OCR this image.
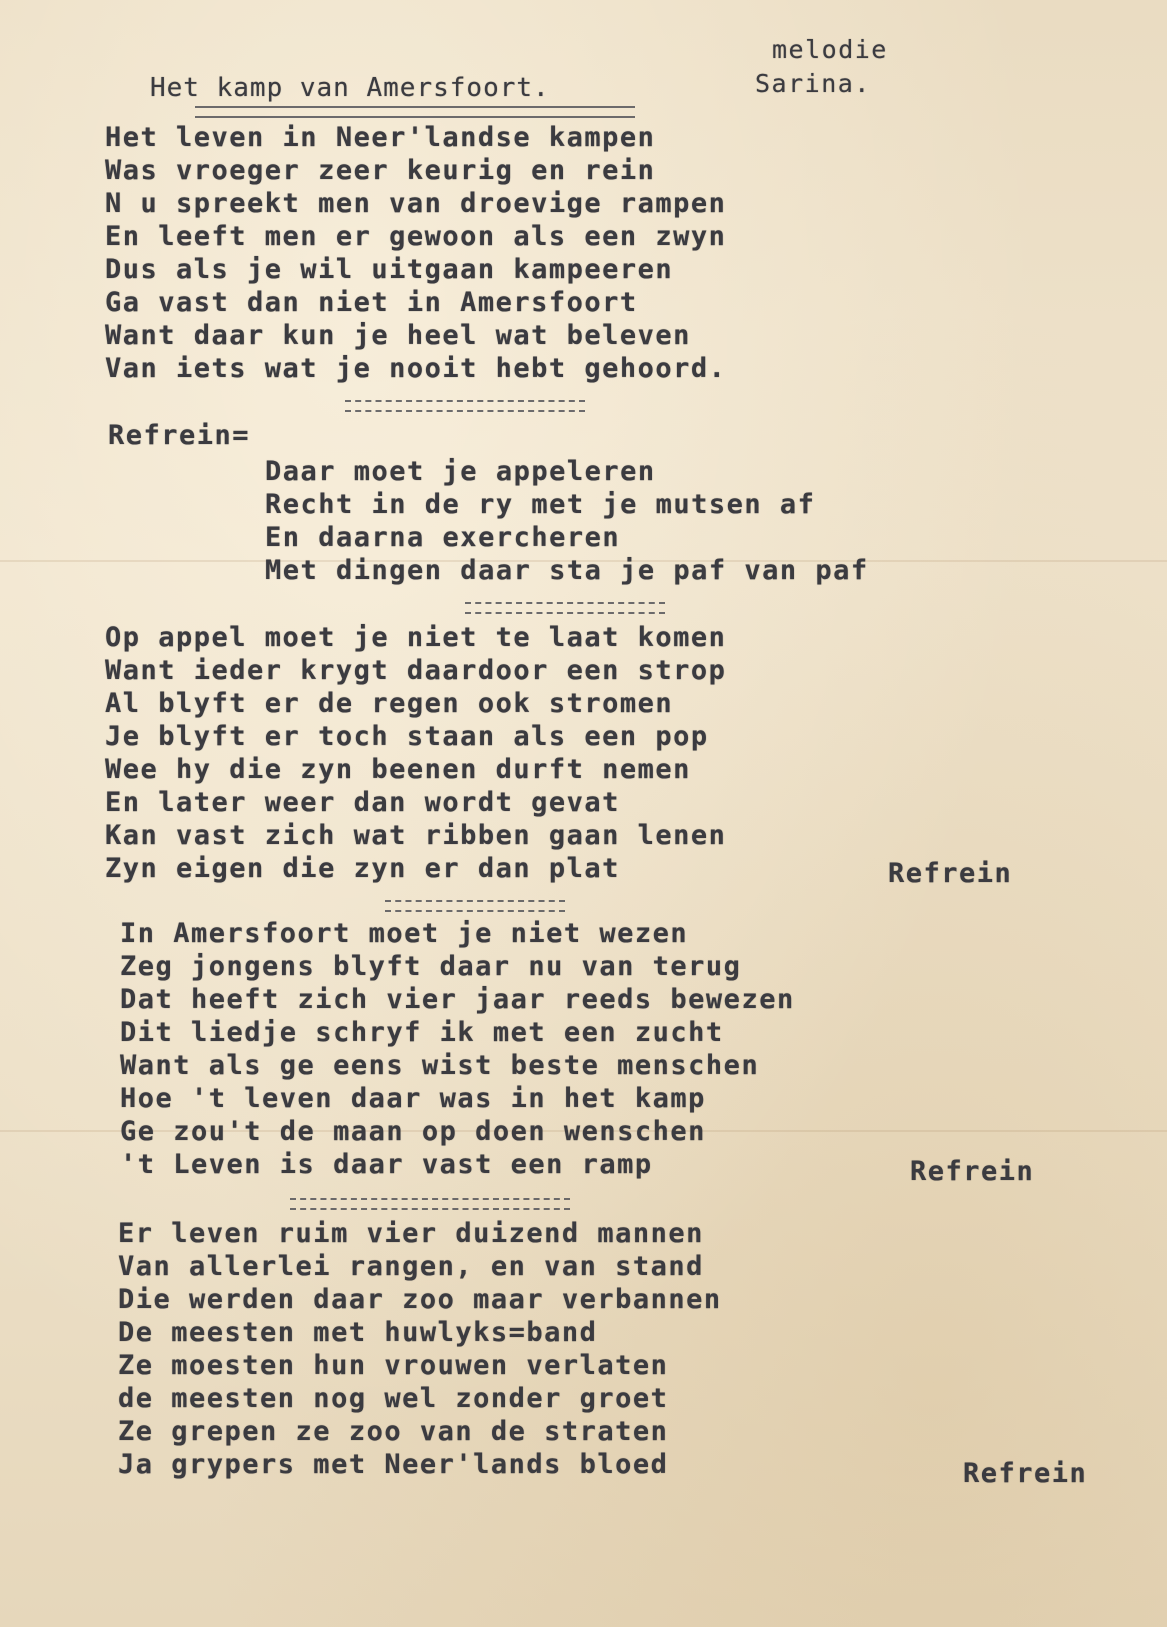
melodie
Sarina.
Het kamp van Amersfoort.
Het leven in Neer'landse kampen
Was vroeger zeer keurig en rein
N u spreekt men van droevige rampen
En leeft men er gewoon als een zwyn
Dus als je wil uitgaan kampeeren
Ga vast dan niet in Amersfoort
Want daar kun je heel wat beleven
Van iets wat je nooit hebt gehoord.
Refrein=
Daar moet je appeleren
Recht in de ry met je mutsen af
En daarna exercheren
Met dingen daar sta je paf van paf
Op appel moet je niet te laat komen
Want ieder krygt daardoor een strop
Al blyft er de regen ook stromen
Je blyft er toch staan als een pop
Wee hy die zyn beenen durft nemen
En later weer dan wordt gevat
Kan vast zich wat ribben gaan lenen
Zyn eigen die zyn er dan plat	Refrein
In Amersfoort moet je niet wezen
Zeg jongens blyft daar nu van terug
Dat heeft zich vier jaar reeds bewezen
Dit liedje schryf ik met een zucht
Want als ge eens wist beste menschen
Hoe 't leven daar was in het kamp
Ge zou't de maan op doen wenschen
't Leven is daar vast een ramp	Refrein
Er leven ruim vier duizend mannen
Van allerlei rangen, en van stand
Die werden daar zoo maar verbannen
De meesten met huwlyks=band
Ze moesten hun vrouwen verlaten
de meesten nog wel zonder groet
Ze grepen ze zoo van de straten
Ja grypers met Neer'lands bloed	Refrein
